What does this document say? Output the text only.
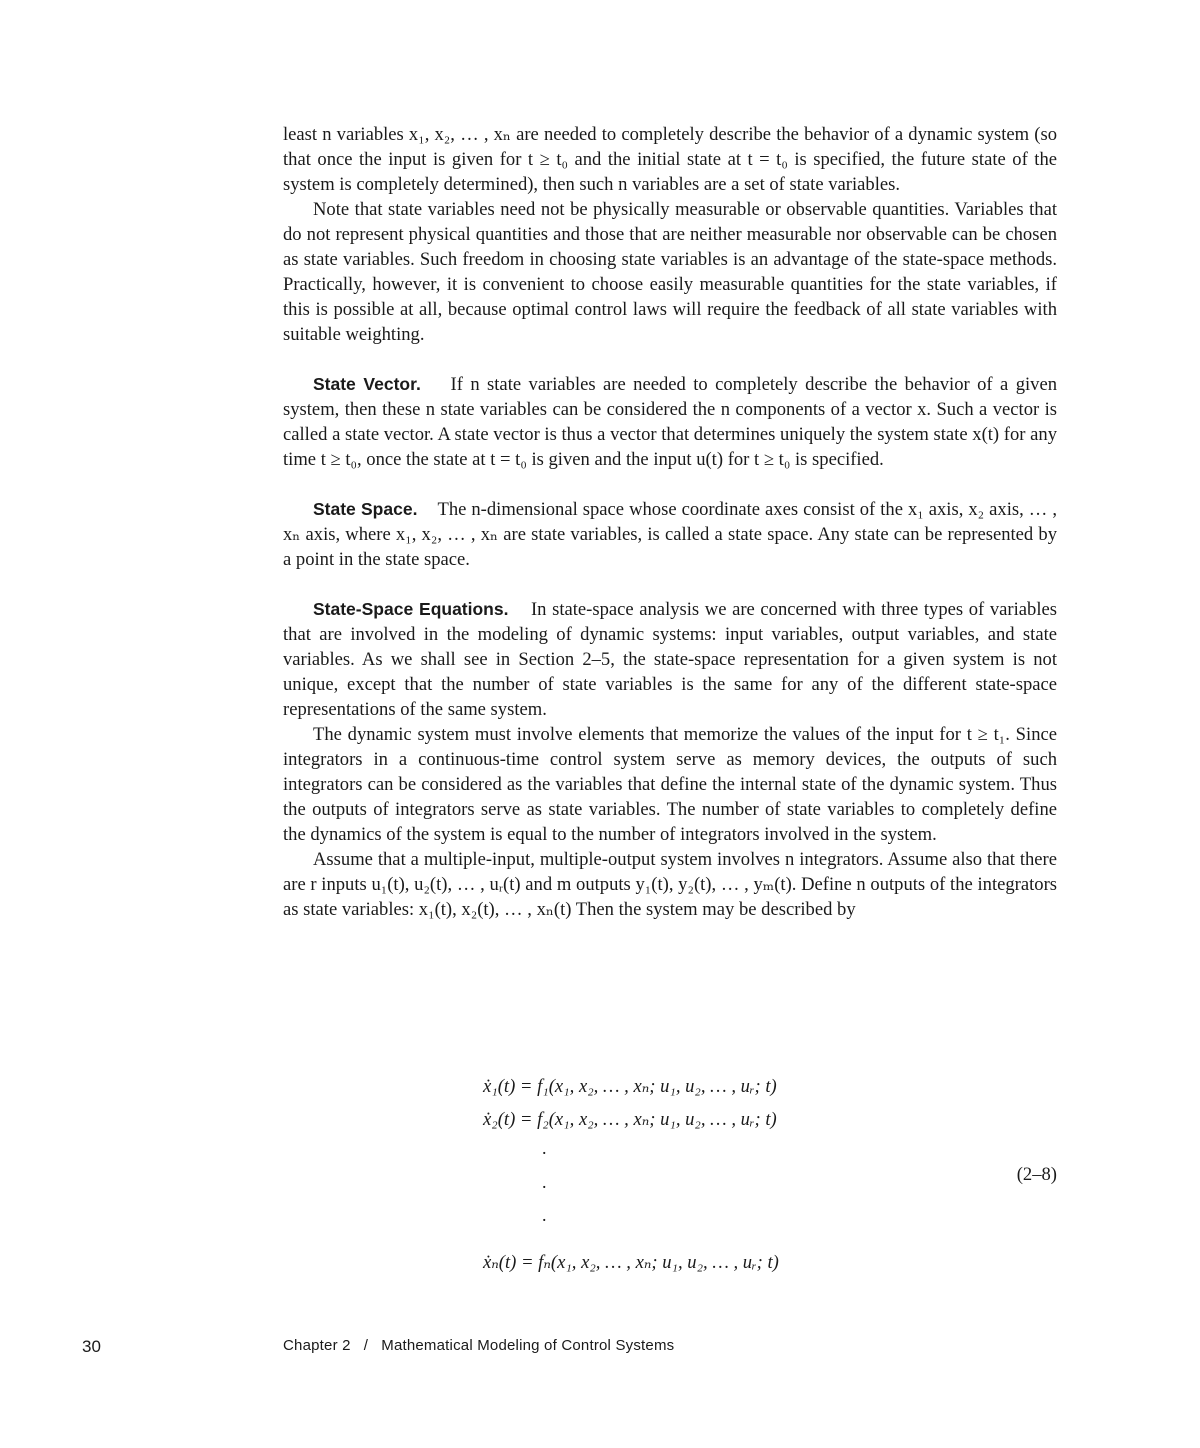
least n variables x₁, x₂, … , xₙ are needed to completely describe the behavior of a dynamic system (so that once the input is given for t ≥ t₀ and the initial state at t = t₀ is specified, the future state of the system is completely determined), then such n variables are a set of state variables.

Note that state variables need not be physically measurable or observable quantities. Variables that do not represent physical quantities and those that are neither measurable nor observable can be chosen as state variables. Such freedom in choosing state variables is an advantage of the state-space methods. Practically, however, it is convenient to choose easily measurable quantities for the state variables, if this is possible at all, because optimal control laws will require the feedback of all state variables with suitable weighting.

State Vector. If n state variables are needed to completely describe the behavior of a given system, then these n state variables can be considered the n components of a vector x. Such a vector is called a state vector. A state vector is thus a vector that determines uniquely the system state x(t) for any time t ≥ t₀, once the state at t = t₀ is given and the input u(t) for t ≥ t₀ is specified.

State Space. The n-dimensional space whose coordinate axes consist of the x₁ axis, x₂ axis, … , xₙ axis, where x₁, x₂, … , xₙ are state variables, is called a state space. Any state can be represented by a point in the state space.

State-Space Equations. In state-space analysis we are concerned with three types of variables that are involved in the modeling of dynamic systems: input variables, output variables, and state variables. As we shall see in Section 2–5, the state-space representation for a given system is not unique, except that the number of state variables is the same for any of the different state-space representations of the same system.

The dynamic system must involve elements that memorize the values of the input for t ≥ t₁. Since integrators in a continuous-time control system serve as memory devices, the outputs of such integrators can be considered as the variables that define the internal state of the dynamic system. Thus the outputs of integrators serve as state variables. The number of state variables to completely define the dynamics of the system is equal to the number of integrators involved in the system.

Assume that a multiple-input, multiple-output system involves n integrators. Assume also that there are r inputs u₁(t), u₂(t), … , uᵣ(t) and m outputs y₁(t), y₂(t), … , yₘ(t). Define n outputs of the integrators as state variables: x₁(t), x₂(t), … , xₙ(t) Then the system may be described by

ẋ₁(t) = f₁(x₁, x₂, … , xₙ; u₁, u₂, … , uᵣ; t)
ẋ₂(t) = f₂(x₁, x₂, … , xₙ; u₁, u₂, … , uᵣ; t)
.
.
.
ẋₙ(t) = fₙ(x₁, x₂, … , xₙ; u₁, u₂, … , uᵣ; t)
(2–8)
30	Chapter 2   /   Mathematical Modeling of Control Systems
